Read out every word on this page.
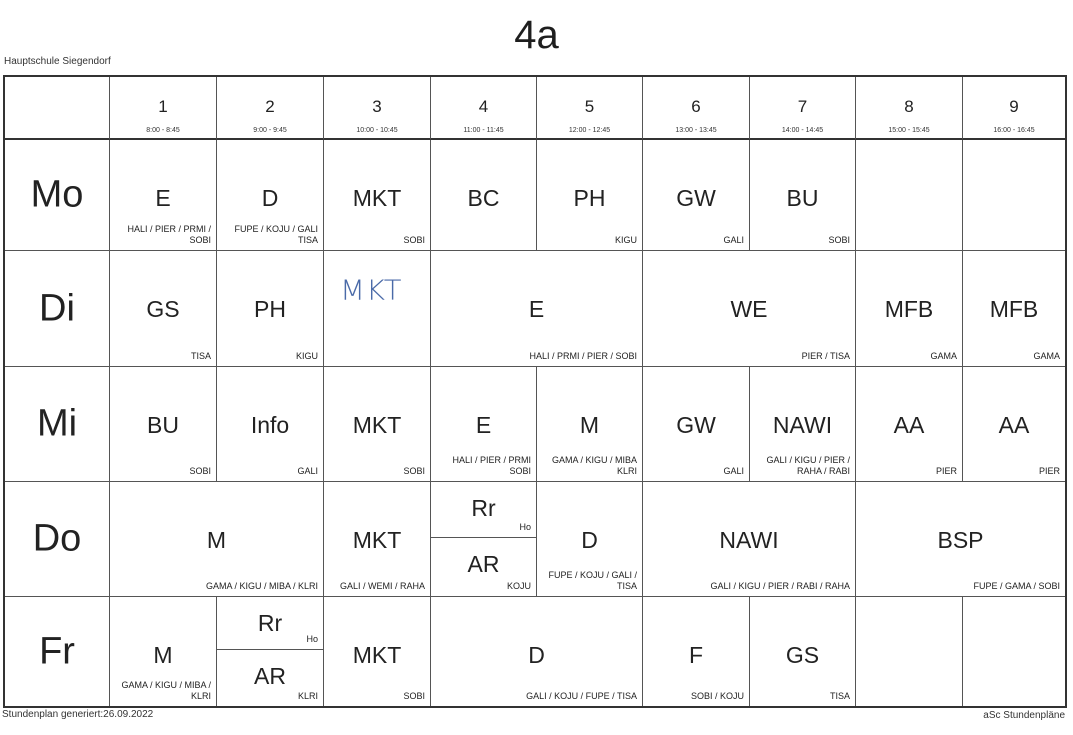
4a
Hauptschule Siegendorf
1
8:00 - 8:45
2
9:00 - 9:45
3
10:00 - 10:45
4
11:00 - 11:45
5
12:00 - 12:45
6
13:00 - 13:45
7
14:00 - 14:45
8
15:00 - 15:45
9
16:00 - 16:45
Mo
Di
Mi
Do
Fr
E
HALI / PIER / PRMI /
SOBI
D
FUPE / KOJU / GALI
TISA
MKT
SOBI
BC	PH
KIGU
GW
GALI
BU
SOBI
GS
TISA
PH
KIGU
MKT
E
HALI / PRMI / PIER / SOBI
WE
PIER / TISA
MFB
GAMA
MFB
GAMA
BU
SOBI
Info
GALI
MKT
SOBI
E
HALI / PIER / PRMI
SOBI
M
GAMA / KIGU / MIBA
KLRI
GW
GALI
NAWI
GALI / KIGU / PIER /
RAHA / RABI
AA
PIER
AA
PIER
M
GAMA / KIGU / MIBA / KLRI
MKT
GALI / WEMI / RAHA
Rr
Ho
AR
KOJU
D
FUPE / KOJU / GALI /
TISA
NAWI
GALI / KIGU / PIER / RABI / RAHA
BSP
FUPE / GAMA / SOBI
M
GAMA / KIGU / MIBA /
KLRI
Rr
Ho
AR
KLRI
MKT
SOBI
D
GALI / KOJU / FUPE / TISA
F
SOBI / KOJU
GS
TISA
Stundenplan generiert:26.09.2022	aSc Stundenpläne
